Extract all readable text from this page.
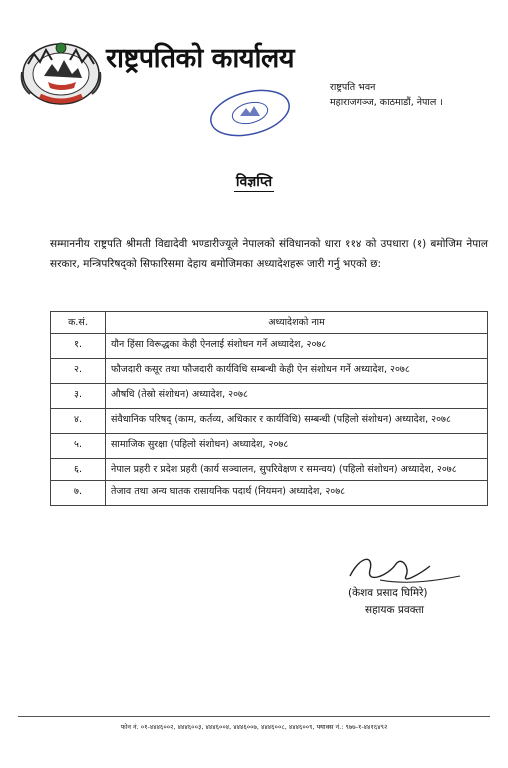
राष्ट्रपतिको कार्यालय
राष्ट्रपति भवन
महाराजगञ्ज, काठमाडौं, नेपाल ।
विज्ञप्ति
सम्माननीय राष्ट्रपति श्रीमती विद्यादेवी भण्डारीज्यूले नेपालको संविधानको धारा ११४ को उपधारा (१) बमोजिम नेपाल सरकार, मन्त्रिपरिषद्को सिफारिसमा देहाय बमोजिमका अध्यादेशहरू जारी गर्नु भएको छ:
क.सं.	अध्यादेशको नाम
१.	यौन हिंसा विरूद्धका केही ऐनलाई संशोधन गर्ने अध्यादेश, २०७८
२.	फौजदारी कसूर तथा फौजदारी कार्यविधि सम्बन्धी केही ऐन संशोधन गर्ने अध्यादेश, २०७८
३.	औषधि (तेस्रो संशोधन) अध्यादेश, २०७८
४.	संवैधानिक परिषद् (काम, कर्तव्य, अधिकार र कार्यविधि) सम्बन्धी (पहिलो संशोधन) अध्यादेश, २०७८
५.	सामाजिक सुरक्षा (पहिलो संशोधन) अध्यादेश, २०७८
६.	नेपाल प्रहरी र प्रदेश प्रहरी (कार्य सञ्चालन, सुपरिवेक्षण र समन्वय) (पहिलो संशोधन) अध्यादेश, २०७८
७.	तेजाव तथा अन्य घातक रासायनिक पदार्थ (नियमन) अध्यादेश, २०७८
(केशव प्रसाद घिमिरे)
सहायक प्रवक्ता
फोन नं. ०१-४४४६००२, ४४४६००३, ४४४६००४, ४४४६००७, ४४४६००८, ४४४६००९, फ्याक्स नं.: ९७७-१-४४१६४९२
